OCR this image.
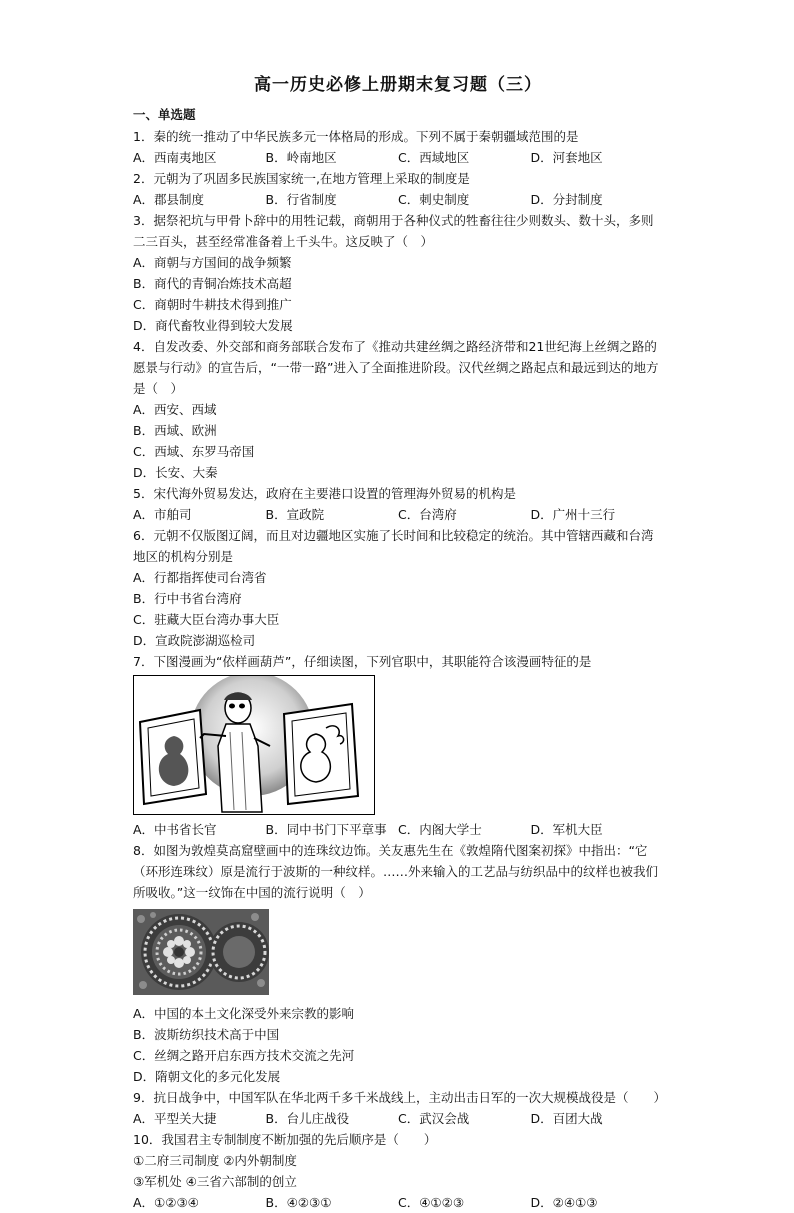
高一历史必修上册期末复习题（三）
一、单选题
1．秦的统一推动了中华民族多元一体格局的形成。下列不属于秦朝疆域范围的是
A．西南夷地区	B．岭南地区	C．西域地区	D．河套地区
2．元朝为了巩固多民族国家统一,在地方管理上采取的制度是
A．郡县制度	B．行省制度	C．刺史制度	D．分封制度
3．据祭祀坑与甲骨卜辞中的用牲记载，商朝用于各种仪式的牲畜往往少则数头、数十头，多则二三百头，甚至经常准备着上千头牛。这反映了（　）
A．商朝与方国间的战争频繁
B．商代的青铜冶炼技术高超
C．商朝时牛耕技术得到推广
D．商代畜牧业得到较大发展
4．自发改委、外交部和商务部联合发布了《推动共建丝绸之路经济带和21世纪海上丝绸之路的愿景与行动》的宣告后，“一带一路”进入了全面推进阶段。汉代丝绸之路起点和最远到达的地方是（　）
A．西安、西域
B．西域、欧洲
C．西域、东罗马帝国
D．长安、大秦
5．宋代海外贸易发达，政府在主要港口设置的管理海外贸易的机构是
A．市舶司	B．宣政院	C．台湾府	D．广州十三行
6．元朝不仅版图辽阔，而且对边疆地区实施了长时间和比较稳定的统治。其中管辖西藏和台湾地区的机构分别是
A．行都指挥使司台湾省
B．行中书省台湾府
C．驻藏大臣台湾办事大臣
D．宣政院澎湖巡检司
7．下图漫画为“依样画葫芦”，仔细读图，下列官职中，其职能符合该漫画特征的是
A．中书省长官	B．同中书门下平章事 C．内阁大学士	D．军机大臣
8．如图为敦煌莫高窟壁画中的连珠纹边饰。关友惠先生在《敦煌隋代图案初探》中指出：“它（环形连珠纹）原是流行于波斯的一种纹样。……外来输入的工艺品与纺织品中的纹样也被我们所吸收。”这一纹饰在中国的流行说明（　）
A．中国的本土文化深受外来宗教的影响
B．波斯纺织技术高于中国
C．丝绸之路开启东西方技术交流之先河
D．隋朝文化的多元化发展
9．抗日战争中，中国军队在华北两千多千米战线上，主动出击日军的一次大规模战役是（　　）
A．平型关大捷	B．台儿庄战役	C．武汉会战	D．百团大战
10．我国君主专制制度不断加强的先后顺序是（　　）
①二府三司制度 ②内外朝制度
③军机处 ④三省六部制的创立
A．①②③④	B．④②③①	C．④①②③	D．②④①③
